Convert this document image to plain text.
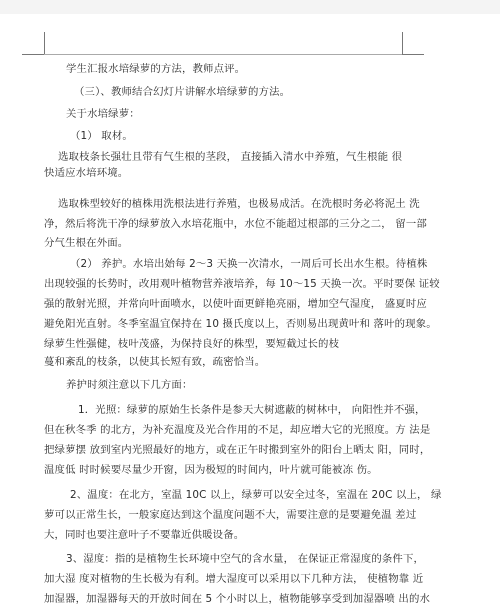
学生汇报水培绿萝的方法，教师点评。
（三）、教师结合幻灯片讲解水培绿萝的方法。
关于水培绿萝：
（1） 取材。
选取枝条长强壮且带有气生根的茎段， 直接插入清水中养殖，气生根能 很
快适应水培环境。
选取株型较好的植株用洗根法进行养殖，也极易成活。在洗根时务必将泥土 洗
净，然后将洗干净的绿萝放入水培花瓶中，水位不能超过根部的三分之二， 留一部
分气生根在外面。
（2） 养护。水培出始每 2～3 天换一次清水，一周后可长出水生根。待植株
出现较强的长势时，改用观叶植物营养液培养，每 10～15 天换一次。平时要保 证较
强的散射光照，并常向叶面喷水，以使叶面更鲜艳亮丽，增加空气湿度， 盛夏时应
避免阳光直射。冬季室温宜保持在 10 摄氏度以上，否则易出现黄叶和 落叶的现象。
绿萝生性强健，枝叶茂盛，为保持良好的株型，要短截过长的枝
蔓和紊乱的枝条，以使其长短有致，疏密恰当。
养护时须注意以下几方面：
1．光照：绿萝的原始生长条件是参天大树遮蔽的树林中， 向阳性并不强，
但在秋冬季 的北方，为补充温度及光合作用的不足，却应增大它的光照度。方 法是
把绿萝摆 放到室内光照最好的地方，或在正午时搬到室外的阳台上晒太 阳，同时，
温度低 时时候要尽量少开窗，因为极短的时间内，叶片就可能被冻 伤。
2、温度：在北方，室温 10C 以上，绿萝可以安全过冬，室温在 20C 以上， 绿
萝可以正常生长，一般家庭达到这个温度问题不大，需要注意的是要避免温 差过
大，同时也要注意叶子不要靠近供暖设备。
3、湿度：指的是植物生长环境中空气的含水量， 在保证正常湿度的条件下，
加大湿 度对植物的生长极为有利。增大湿度可以采用以下几种方法， 使植物靠 近
加湿器，加湿器每天的开放时间在 5 个小时以上，植物能够享受到加湿器喷 出的水
